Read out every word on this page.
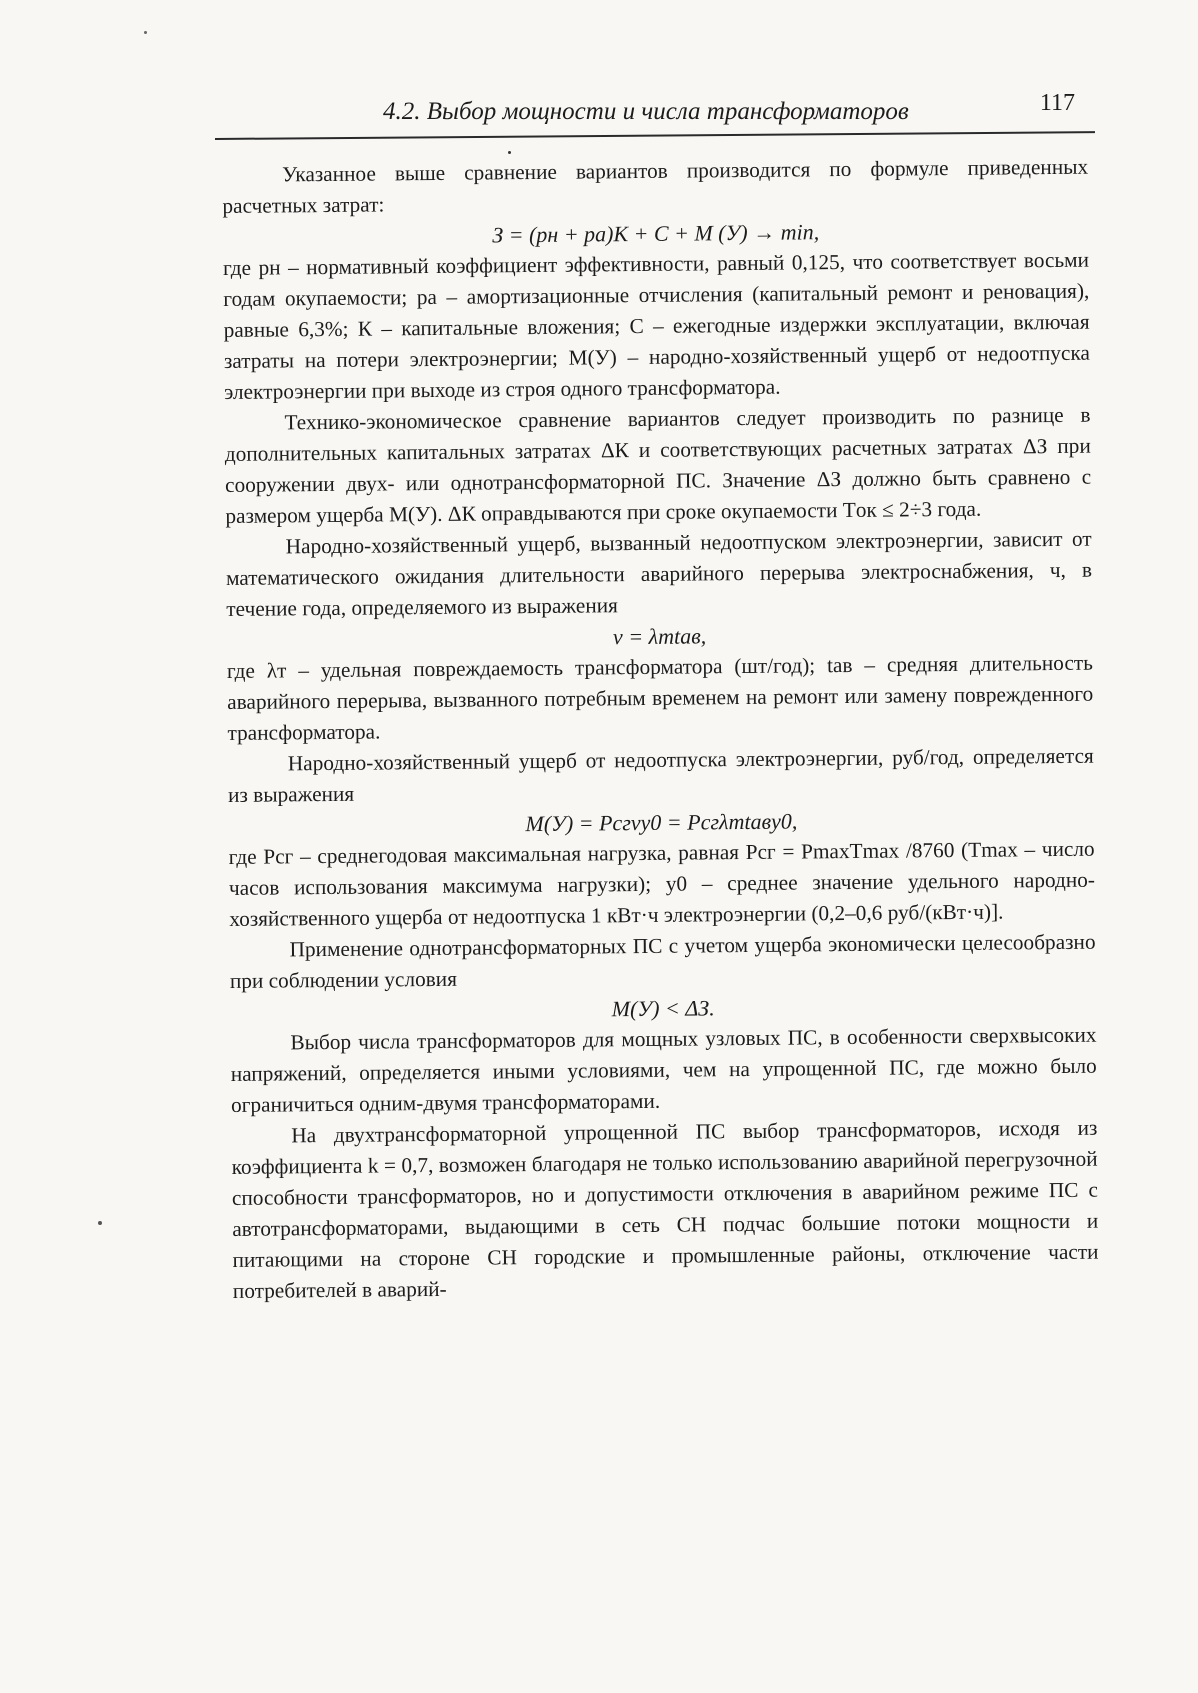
4.2. Выбор мощности и числа трансформаторов	117

Указанное выше сравнение вариантов производится по формуле приведенных расчетных затрат:

З = (pн + pа)К + С + М (У) → min,

где pн – нормативный коэффициент эффективности, равный 0,125, что соответствует восьми годам окупаемости; pа – амортизационные отчисления (капитальный ремонт и реновация), равные 6,3%; К – капитальные вложения; С – ежегодные издержки эксплуатации, включая затраты на потери электроэнергии; М(У) – народно-хозяйственный ущерб от недоотпуска электроэнергии при выходе из строя одного трансформатора.

Технико-экономическое сравнение вариантов следует производить по разнице в дополнительных капитальных затратах ΔК и соответствующих расчетных затратах ΔЗ при сооружении двух- или однотрансформаторной ПС. Значение ΔЗ должно быть сравнено с размером ущерба М(У). ΔК оправдываются при сроке окупаемости Tок ≤ 2÷3 года.

Народно-хозяйственный ущерб, вызванный недоотпуском электроэнергии, зависит от математического ожидания длительности аварийного перерыва электроснабжения, ч, в течение года, определяемого из выражения

ν = λтtав,

где λт – удельная повреждаемость трансформатора (шт/год); tав – средняя длительность аварийного перерыва, вызванного потребным временем на ремонт или замену поврежденного трансформатора.

Народно-хозяйственный ущерб от недоотпуска электроэнергии, руб/год, определяется из выражения

М(У) = Pсгνy0 = Pсгλтtавy0,

где Pсг – среднегодовая максимальная нагрузка, равная Pсг = PmaxTmax /8760 (Tmax – число часов использования максимума нагрузки); y0 – среднее значение удельного народно-хозяйственного ущерба от недоотпуска 1 кВт·ч электроэнергии (0,2–0,6 руб/(кВт·ч)].

Применение однотрансформаторных ПС с учетом ущерба экономически целесообразно при соблюдении условия

М(У) < ΔЗ.

Выбор числа трансформаторов для мощных узловых ПС, в особенности сверхвысоких напряжений, определяется иными условиями, чем на упрощенной ПС, где можно было ограничиться одним-двумя трансформаторами.

На двухтрансформаторной упрощенной ПС выбор трансформаторов, исходя из коэффициента k = 0,7, возможен благодаря не только использованию аварийной перегрузочной способности трансформаторов, но и допустимости отключения в аварийном режиме ПС с автотрансформаторами, выдающими в сеть СН подчас большие потоки мощности и питающими на стороне СН городские и промышленные районы, отключение части потребителей в аварий-
